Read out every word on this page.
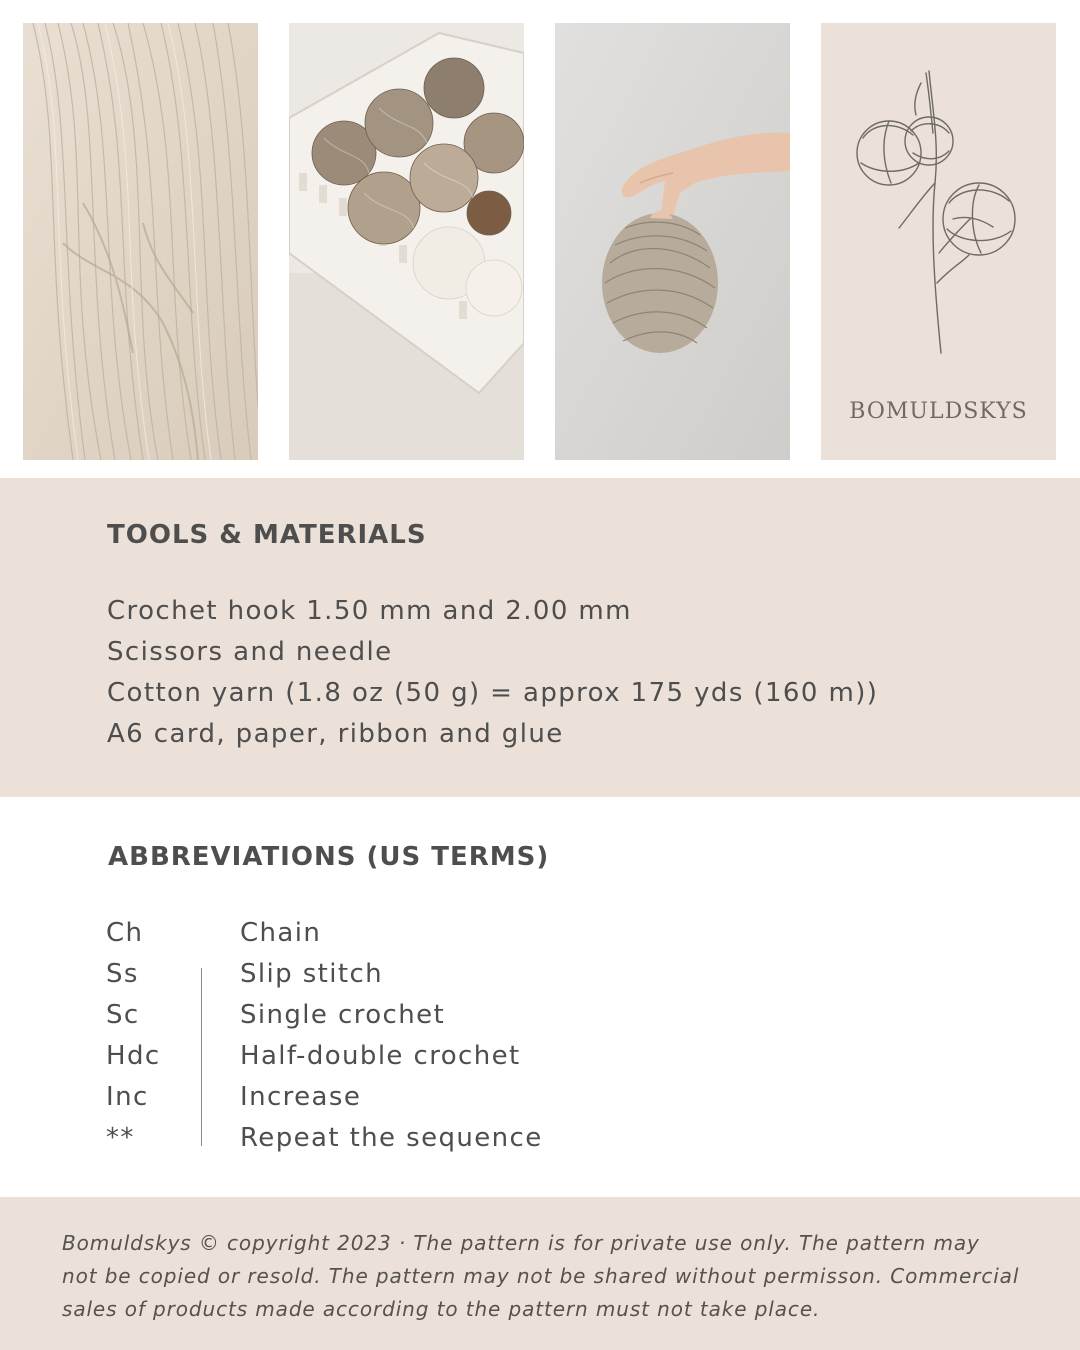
BOMULDSKYS
TOOLS & MATERIALS
Crochet hook 1.50 mm and 2.00 mm
Scissors and needle
Cotton yarn (1.8 oz (50 g) = approx 175 yds (160 m))
A6 card, paper, ribbon and glue
ABBREVIATIONS (US TERMS)
Ch	Chain
Ss	Slip stitch
Sc	Single crochet
Hdc	Half-double crochet
Inc	Increase
**	Repeat the sequence

Bomuldskys © copyright 2023 · The pattern is for private use only. The pattern may not be copied or resold. The pattern may not be shared without permisson. Commercial sales of products made according to the pattern must not take place.
